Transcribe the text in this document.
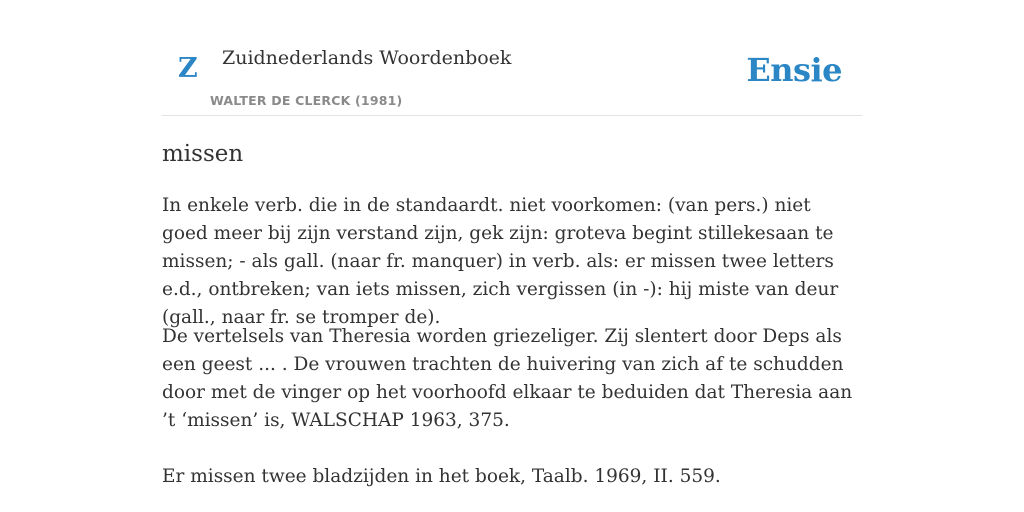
Z Zuidnederlands Woordenboek
WALTER DE CLERCK (1981)
Ensie
missen

In enkele verb. die in de standaardt. niet voorkomen: (van pers.) niet goed meer bij zijn verstand zijn, gek zijn: groteva begint stillekesaan te missen; - als gall. (naar fr. manquer) in verb. als: er missen twee letters e.d., ontbreken; van iets missen, zich vergissen (in -): hij miste van deur (gall., naar fr. se tromper de).

De vertelsels van Theresia worden griezeliger. Zij slentert door Deps als een geest ... . De vrouwen trachten de huivering van zich af te schudden door met de vinger op het voorhoofd elkaar te beduiden dat Theresia aan ’t ‘missen’ is, WALSCHAP 1963, 375.

Er missen twee bladzijden in het boek, Taalb. 1969, II. 559.
